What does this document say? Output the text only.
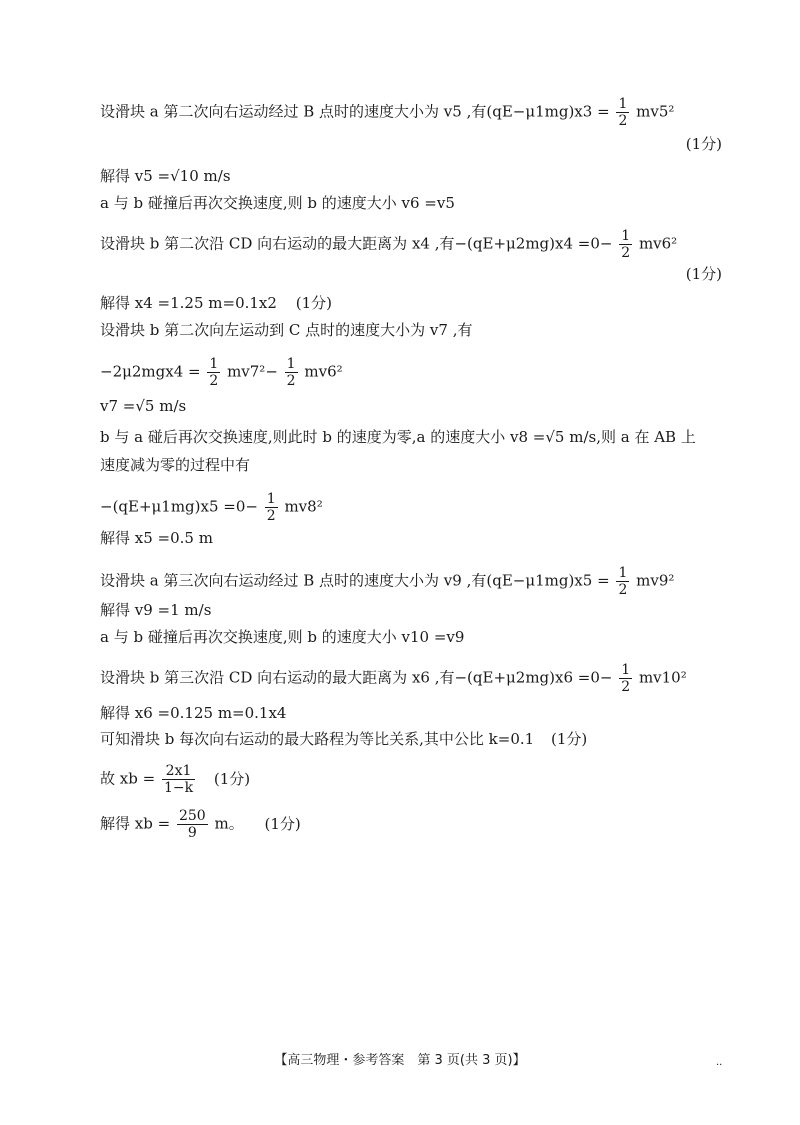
设滑块 a 第二次向右运动经过 B 点时的速度大小为 v5 ,有$(qE-\mu 1mg)x3 = \frac{1}{2} mv5^2$
(1分)
解得 v5 =√10 m/s
a 与 b 碰撞后再次交换速度,则 b 的速度大小 v6 =v5
设滑块 b 第二次沿 CD 向右运动的最大距离为 x4 ,有$-(qE+\mu 2mg)x4 =0- \frac{1}{2} mv6^2$
(1分)
解得 x4 =1.25 m=0.1x2 (1分)
设滑块 b 第二次向左运动到 C 点时的速度大小为 v7 ,有
$-2\mu 2mgx4 = \frac{1}{2} mv7^2- \frac{1}{2} mv6^2$
v7 =√5 m/s
b 与 a 碰后再次交换速度,则此时 b 的速度为零,a 的速度大小 v8 =√5 m/s,则 a 在 AB 上
速度减为零的过程中有
$-(qE+\mu 1mg)x5 =0- \frac{1}{2} mv8^2$
解得 x5 =0.5 m
设滑块 a 第三次向右运动经过 B 点时的速度大小为 v9 ,有$(qE-\mu 1mg)x5 = \frac{1}{2} mv9^2$
解得 v9 =1 m/s
a 与 b 碰撞后再次交换速度,则 b 的速度大小 v10 =v9
设滑块 b 第三次沿 CD 向右运动的最大距离为 x6 ,有$-(qE+\mu 2mg)x6 =0- \frac{1}{2} mv10^2$
解得 x6 =0.125 m=0.1x4
可知滑块 b 每次向右运动的最大路程为等比关系,其中公比 k=0.1 (1分)
故 xb = $\frac{2x1}{1-k} (1$分)
解得 xb = $\frac{250}{9}$ m。 (1分)
【高三物理・参考答案　第 3 页(共 3 页)】	··
